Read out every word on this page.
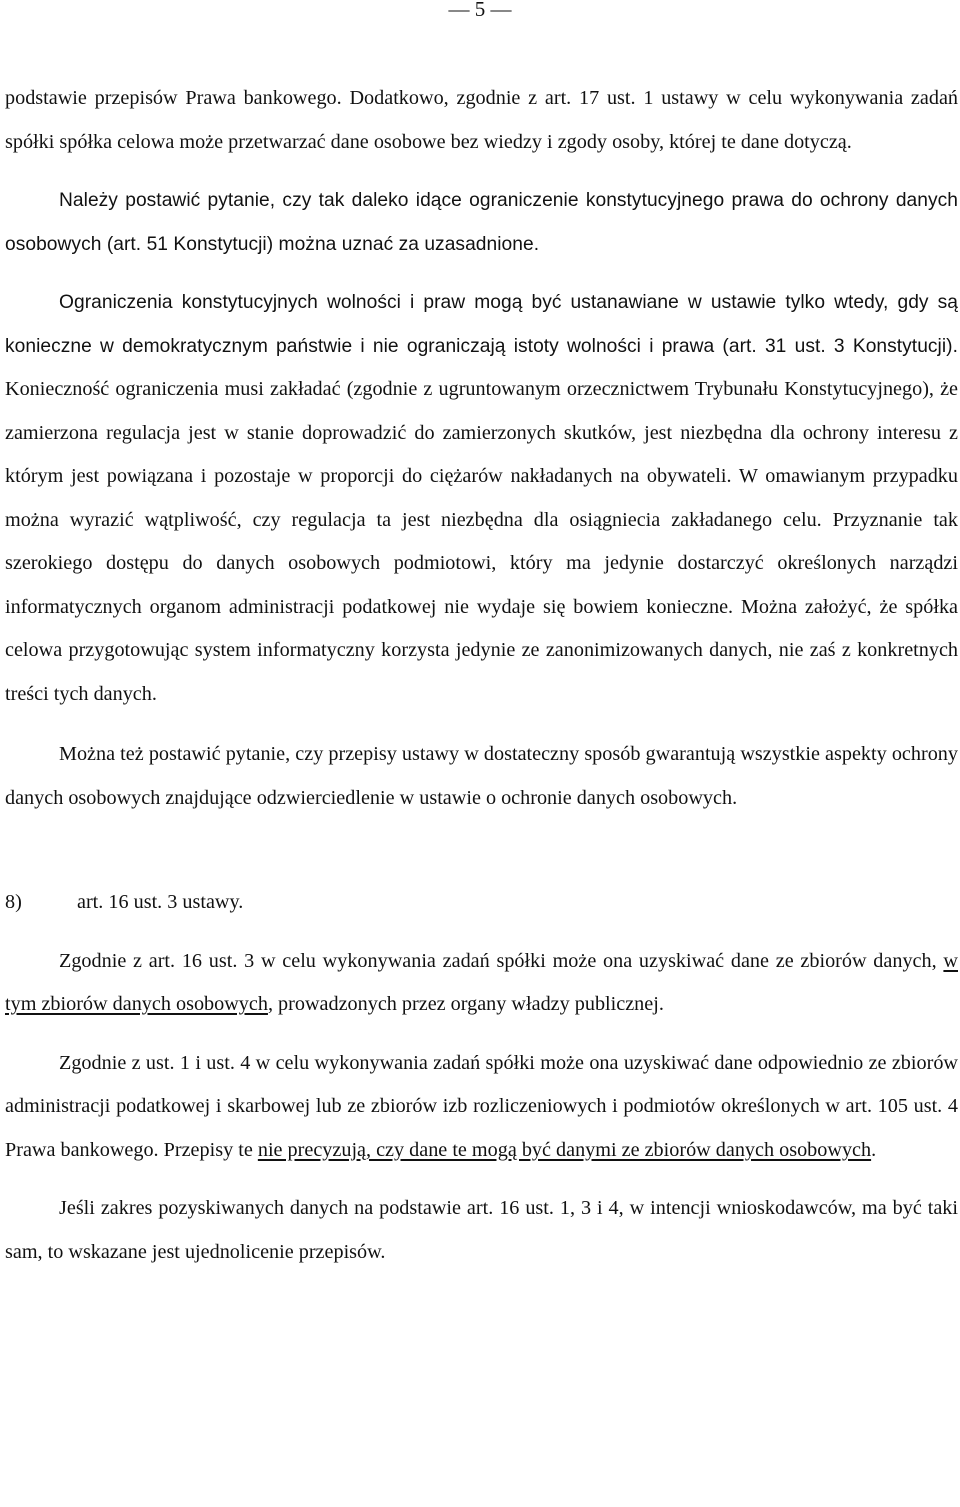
— 5 —

podstawie przepisów Prawa bankowego. Dodatkowo, zgodnie z art. 17 ust. 1 ustawy w celu wykonywania zadań spółki spółka celowa może przetwarzać dane osobowe bez wiedzy i zgody osoby, której te dane dotyczą.

Należy postawić pytanie, czy tak daleko idące ograniczenie konstytucyjnego prawa do ochrony danych osobowych (art. 51 Konstytucji) można uznać za uzasadnione.

Ograniczenia konstytucyjnych wolności i praw mogą być ustanawiane w ustawie tylko wtedy, gdy są konieczne w demokratycznym państwie i nie ograniczają istoty wolności i prawa (art. 31 ust. 3 Konstytucji). Konieczność ograniczenia musi zakładać (zgodnie z ugruntowanym orzecznictwem Trybunału Konstytucyjnego), że zamierzona regulacja jest w stanie doprowadzić do zamierzonych skutków, jest niezbędna dla ochrony interesu z którym jest powiązana i pozostaje w proporcji do ciężarów nakładanych na obywateli. W omawianym przypadku można wyrazić wątpliwość, czy regulacja ta jest niezbędna dla osiągniecia zakładanego celu. Przyznanie tak szerokiego dostępu do danych osobowych podmiotowi, który ma jedynie dostarczyć określonych narządzi informatycznych organom administracji podatkowej nie wydaje się bowiem konieczne. Można założyć, że spółka celowa przygotowując system informatyczny korzysta jedynie ze zanonimizowanych danych, nie zaś z konkretnych treści tych danych.

Można też postawić pytanie, czy przepisy ustawy w dostateczny sposób gwarantują wszystkie aspekty ochrony danych osobowych znajdujące odzwierciedlenie w ustawie o ochronie danych osobowych.

8)	art. 16 ust. 3 ustawy.

Zgodnie z art. 16 ust. 3 w celu wykonywania zadań spółki może ona uzyskiwać dane ze zbiorów danych, w tym zbiorów danych osobowych, prowadzonych przez organy władzy publicznej.

Zgodnie z ust. 1 i ust. 4 w celu wykonywania zadań spółki może ona uzyskiwać dane odpowiednio ze zbiorów administracji podatkowej i skarbowej lub ze zbiorów izb rozliczeniowych i podmiotów określonych w art. 105 ust. 4 Prawa bankowego. Przepisy te nie precyzują, czy dane te mogą być danymi ze zbiorów danych osobowych.

Jeśli zakres pozyskiwanych danych na podstawie art. 16 ust. 1, 3 i 4, w intencji wnioskodawców, ma być taki sam, to wskazane jest ujednolicenie przepisów.
